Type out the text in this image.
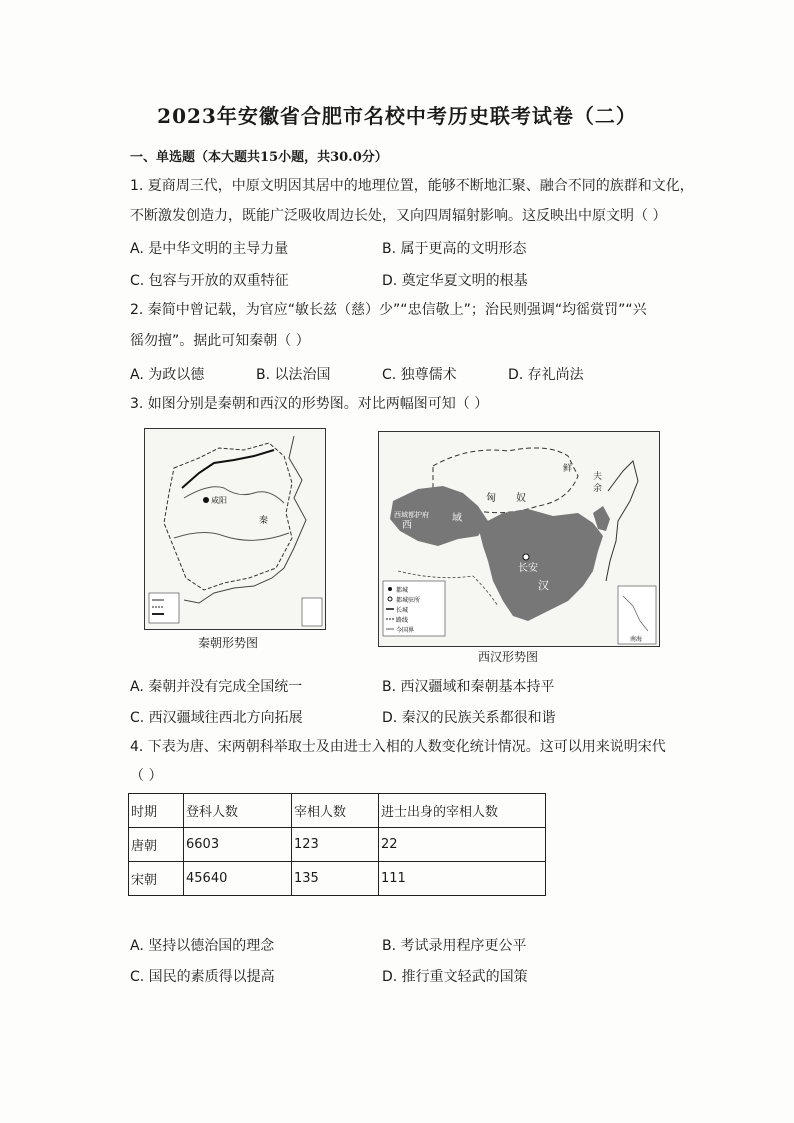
2023年安徽省合肥市名校中考历史联考试卷（二）
一、单选题（本大题共15小题，共30.0分）
1. 夏商周三代，中原文明因其居中的地理位置，能够不断地汇聚、融合不同的族群和文化，
不断激发创造力，既能广泛吸收周边长处，又向四周辐射影响。这反映出中原文明（ ）
A. 是中华文明的主导力量	B. 属于更高的文明形态
C. 包容与开放的双重特征	D. 奠定华夏文明的根基
2. 秦简中曾记载，为官应“敏长兹（慈）少”“忠信敬上”；治民则强调“均徭赏罚”“兴
徭勿擅”。据此可知秦朝（ ）
A. 为政以德	B. 以法治国	C. 独尊儒术	D. 存礼尚法
3. 如图分别是秦朝和西汉的形势图。对比两幅图可知（ ）
咸阳
秦
秦朝形势图
匈 奴
西
域
西域都护府
长安
汉
鲜
夫
余
都城
都城驻所
长城
路线
今国界
南海
西汉形势图
A. 秦朝并没有完成全国统一	B. 西汉疆域和秦朝基本持平
C. 西汉疆域往西北方向拓展	D. 秦汉的民族关系都很和谐
4. 下表为唐、宋两朝科举取士及由进士入相的人数变化统计情况。这可以用来说明宋代
（ ）
时期	登科人数	宰相人数	进士出身的宰相人数
唐朝	6603	123	22
宋朝	45640	135	111
A. 坚持以德治国的理念	B. 考试录用程序更公平
C. 国民的素质得以提高	D. 推行重文轻武的国策
